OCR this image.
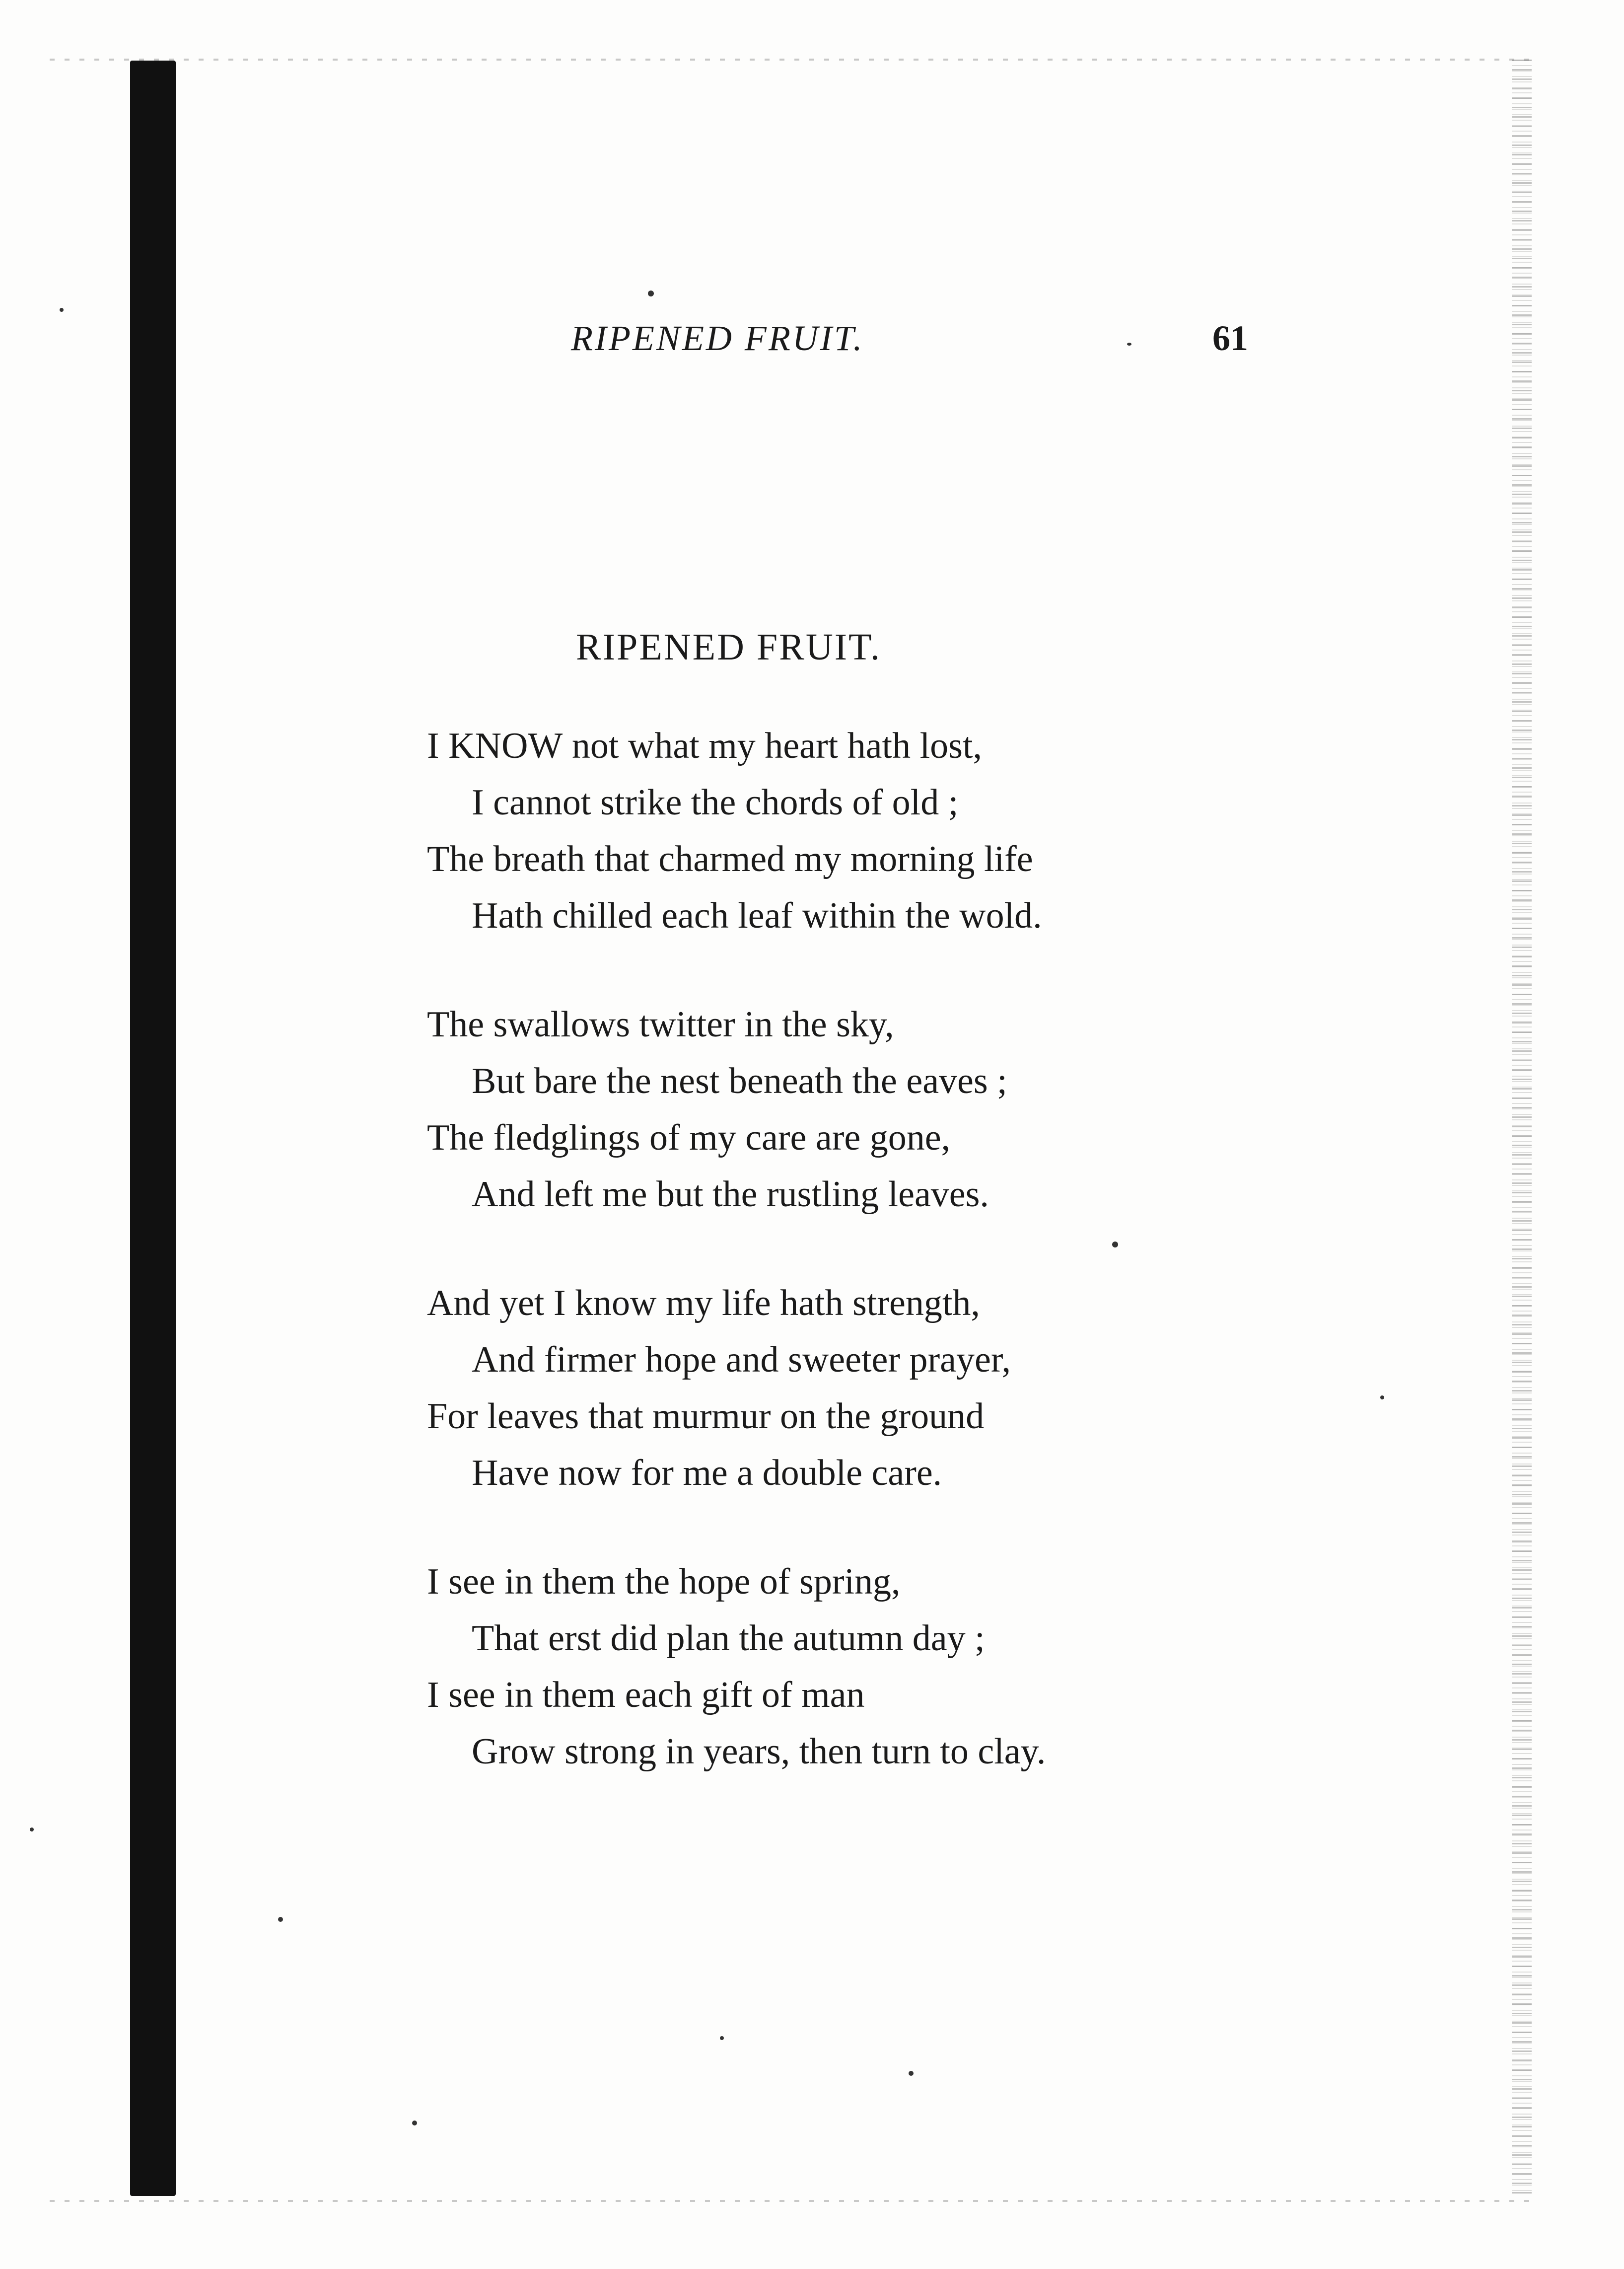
RIPENED FRUIT.	61
RIPENED FRUIT.
I KNOW not what my heart hath lost,
I cannot strike the chords of old ;
The breath that charmed my morning life
Hath chilled each leaf within the wold.
The swallows twitter in the sky,
But bare the nest beneath the eaves ;
The fledglings of my care are gone,
And left me but the rustling leaves.
And yet I know my life hath strength,
And firmer hope and sweeter prayer,
For leaves that murmur on the ground
Have now for me a double care.
I see in them the hope of spring,
That erst did plan the autumn day ;
I see in them each gift of man
Grow strong in years, then turn to clay.
